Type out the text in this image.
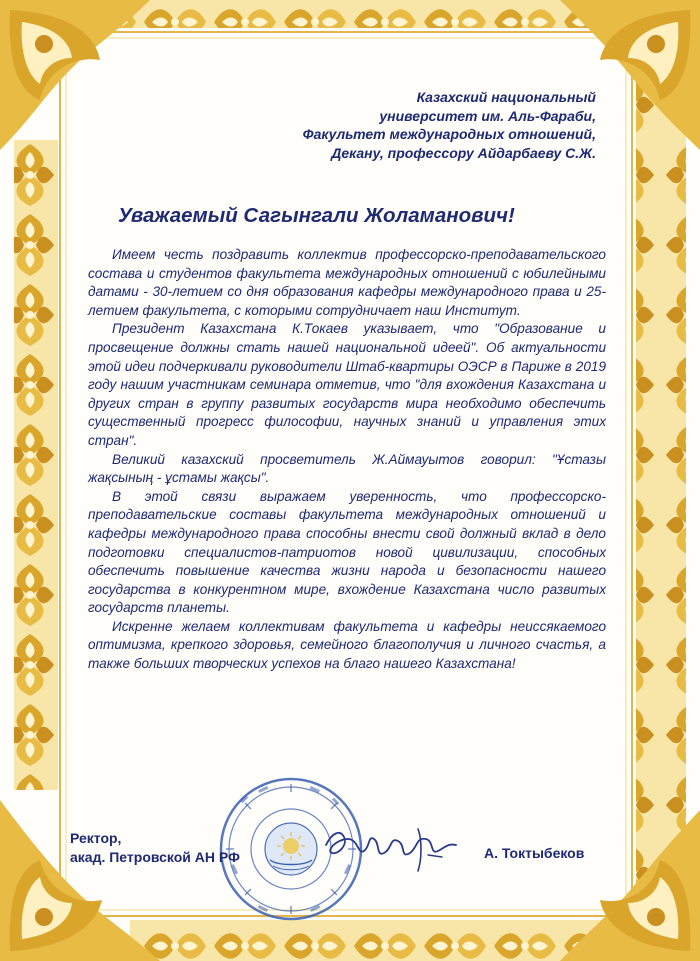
Казахский национальный
университет им. Аль-Фараби,
Факультет международных отношений,
Декану, профессору Айдарбаеву С.Ж.
Уважаемый Сагынгали Жоламанович!

Имеем честь поздравить коллектив профессорско-преподавательского состава и студентов факультета международных отношений с юбилейными датами - 30-летием со дня образования кафедры международного права и 25-летием факультета, с которыми сотрудничает наш Институт.

Президент Казахстана К.Токаев указывает, что "Образование и просвещение должны стать нашей национальной идеей". Об актуальности этой идеи подчеркивали руководители Штаб-квартиры ОЭСР в Париже в 2019 году нашим участникам семинара отметив, что "для вхождения Казахстана и других стран в группу развитых государств мира необходимо обеспечить существенный прогресс философии, научных знаний и управления этих стран".

Великий казахский просветитель Ж.Аймауытов говорил: "Ұстазы жақсының - ұстамы жақсы".

В этой связи выражаем уверенность, что профессорско-преподавательские составы факультета международных отношений и кафедры международного права способны внести свой должный вклад в дело подготовки специалистов-патриотов новой цивилизации, способных обеспечить повышение качества жизни народа и безопасности нашего государства в конкурентном мире, вхождение Казахстана число развитых государств планеты.

Искренне желаем коллективам факультета и кафедры неиссякаемого оптимизма, крепкого здоровья, семейного благополучия и личного счастья, а также больших творческих успехов на благо нашего Казахстана!

Ректор,
акад. Петровской АН РФ	А. Токтыбеков
